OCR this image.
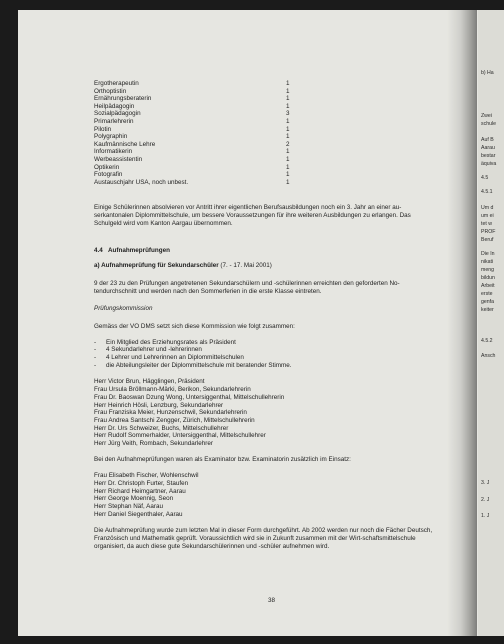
b) Ha
Zwei
schule
Auf B
Aarau
bestar
äquiva
4.5
4.5.1
Um d
um ei
tet w
PROF
Beruf
Die In
nikati
meng
bildun
Arbeit
erste
genfa
keiter
4.5.2
Ansch
3. J
2. J
1. J
Ergotherapeutin	1
Orthoptistin	1
Ernährungsberaterin	1
Heilpädagogin	1
Sozialpädagogin	3
Primarlehrerin	1
Pilotin	1
Polygraphin	1
Kaufmännische Lehre	2
Informatikerin	1
Werbeassistentin	1
Optikerin	1
Fotografin	1
Austauschjahr USA, noch unbest.	1

Einige Schülerinnen absolvieren vor Antritt ihrer eigentlichen Berufsausbildungen noch ein 3. Jahr an einer au-serkantonalen Diplommittelschule, um bessere Voraussetzungen für ihre weiteren Ausbildungen zu erlangen. Das Schulgeld wird vom Kanton Aargau übernommen.

4.4 Aufnahmeprüfungen
a) Aufnahmeprüfung für Sekundarschüler (7. - 17. Mai 2001)

9 der 23 zu den Prüfungen angetretenen Sekundarschülern und -schülerinnen erreichten den geforderten No-tendurchschnitt und werden nach den Sommerferien in die erste Klasse eintreten.

Prüfungskommission

Gemäss der VO DMS setzt sich diese Kommission wie folgt zusammen:

- Ein Mitglied des Erziehungsrates als Präsident
- 4 Sekundarlehrer und -lehrerinnen
- 4 Lehrer und Lehrerinnen an Diplommittelschulen
- die Abteilungsleiter der Diplommittelschule mit beratender Stimme.
Herr Victor Brun, Hägglingen, Präsident
Frau Ursula Bröllmann-Märki, Berikon, Sekundarlehrerin
Frau Dr. Baoswan Dzung Wong, Untersiggenthal, Mittelschullehrerin
Herr Heinrich Hösli, Lenzburg, Sekundarlehrer
Frau Franziska Meier, Hunzenschwil, Sekundarlehrerin
Frau Andrea Santschi Zengger, Zürich, Mittelschullehrerin
Herr Dr. Urs Schweizer, Buchs, Mittelschullehrer
Herr Rudolf Sommerhalder, Untersiggenthal, Mittelschullehrer
Herr Jürg Veith, Rombach, Sekundarlehrer

Bei den Aufnahmeprüfungen waren als Examinator bzw. Examinatorin zusätzlich im Einsatz:

Frau Elisabeth Fischer, Wohlenschwil
Herr Dr. Christoph Furter, Staufen
Herr Richard Heimgartner, Aarau
Herr George Moennig, Seon
Herr Stephan Näf, Aarau
Herr Daniel Siegenthaler, Aarau

Die Aufnahmeprüfung wurde zum letzten Mal in dieser Form durchgeführt. Ab 2002 werden nur noch die Fächer Deutsch, Französisch und Mathematik geprüft. Voraussichtlich wird sie in Zukunft zusammen mit der Wirt-schaftsmittelschule organisiert, da auch diese gute Sekundarschülerinnen und -schüler aufnehmen wird.

38
